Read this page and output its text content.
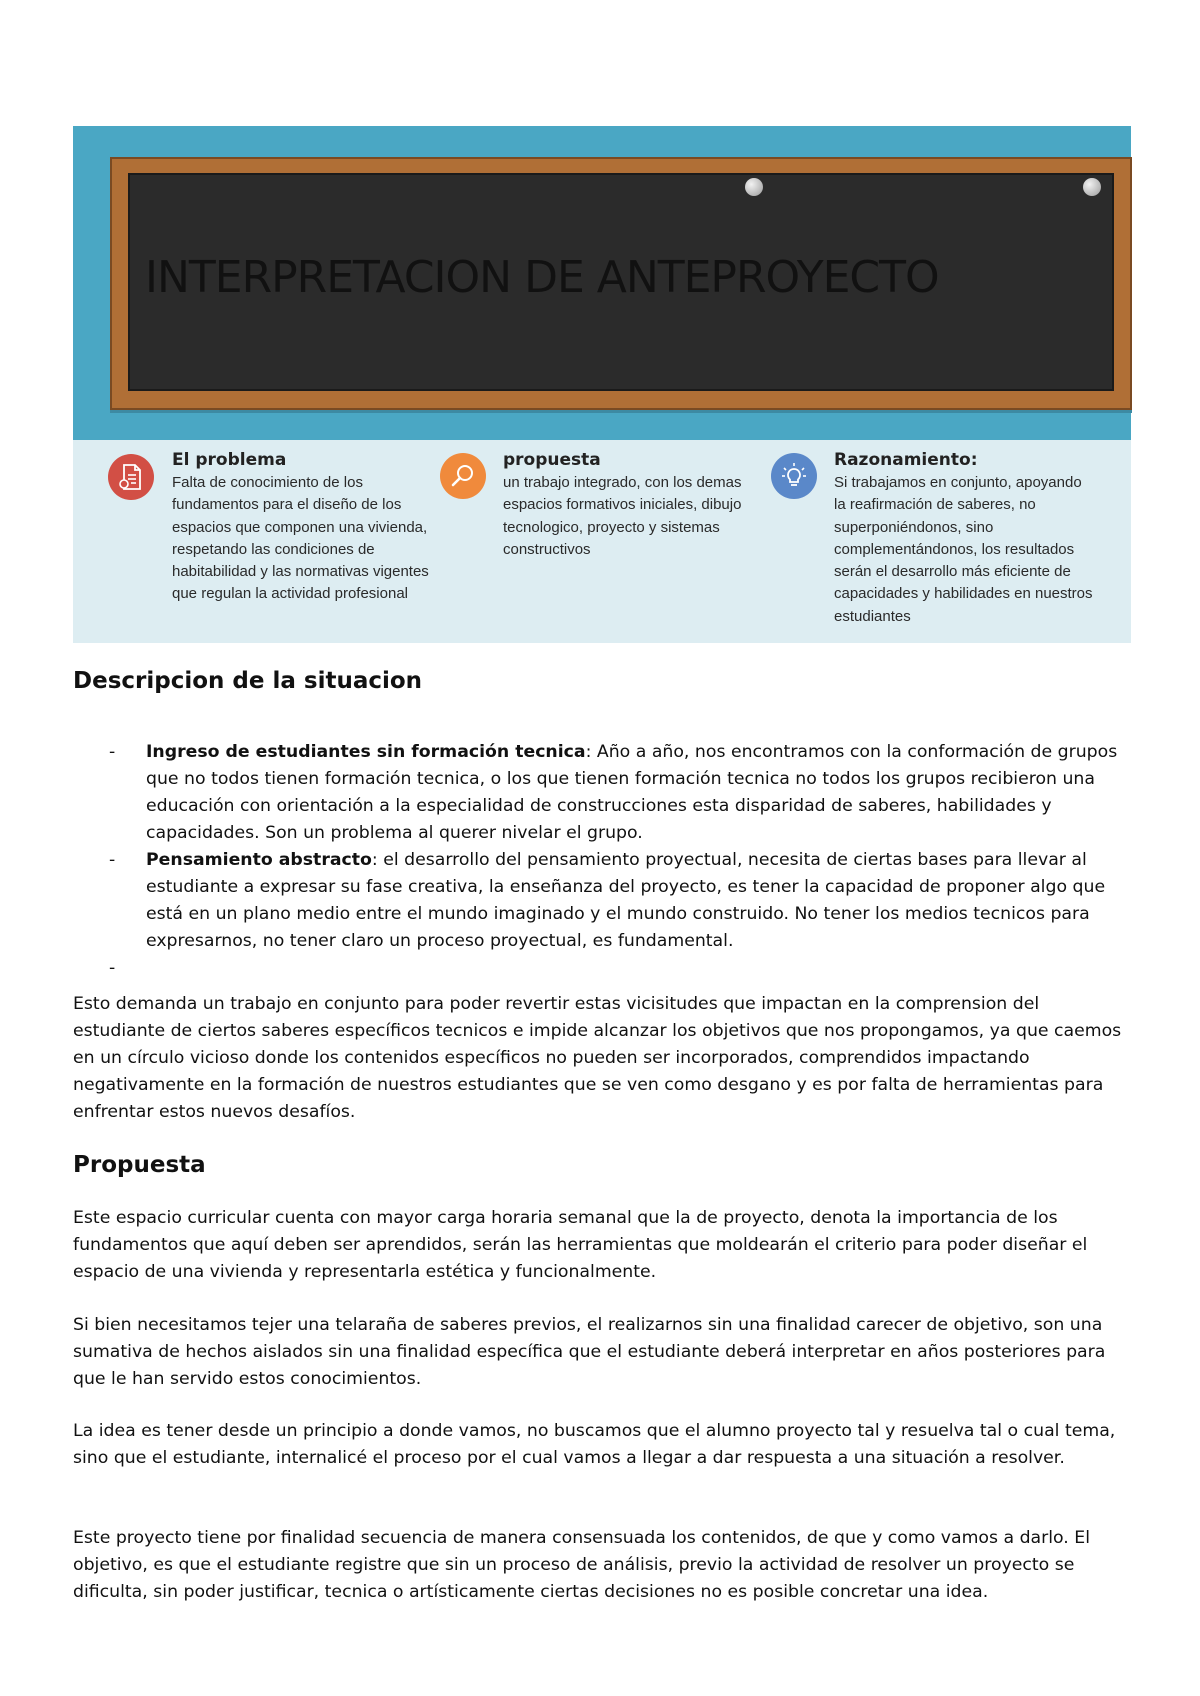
INTERPRETACION DE ANTEPROYECTO
El problema

Falta de conocimiento de los fundamentos para el diseño de los espacios que componen una vivienda, respetando las condiciones de habitabilidad y las normativas vigentes que regulan la actividad profesional

propuesta

un trabajo integrado, con los demas espacios formativos iniciales, dibujo tecnologico, proyecto y sistemas constructivos

Razonamiento:

Si trabajamos en conjunto, apoyando la reafirmación de saberes, no superponiéndonos, sino complementándonos, los resultados serán el desarrollo más eficiente de capacidades y habilidades en nuestros estudiantes

Descripcion de la situacion
- Ingreso de estudiantes sin formación tecnica: Año a año, nos encontramos con la conformación de grupos que no todos tienen formación tecnica, o los que tienen formación tecnica no todos los grupos recibieron una educación con orientación a la especialidad de construcciones esta disparidad de saberes, habilidades y capacidades. Son un problema al querer nivelar el grupo.
- Pensamiento abstracto: el desarrollo del pensamiento proyectual, necesita de ciertas bases para llevar al estudiante a expresar su fase creativa, la enseñanza del proyecto, es tener la capacidad de proponer algo que está en un plano medio entre el mundo imaginado y el mundo construido. No tener los medios tecnicos para expresarnos, no tener claro un proceso proyectual, es fundamental.
-

Esto demanda un trabajo en conjunto para poder revertir estas vicisitudes que impactan en la comprension del estudiante de ciertos saberes específicos tecnicos e impide alcanzar los objetivos que nos propongamos, ya que caemos en un círculo vicioso donde los contenidos específicos no pueden ser incorporados, comprendidos impactando negativamente en la formación de nuestros estudiantes que se ven como desgano y es por falta de herramientas para enfrentar estos nuevos desafíos.

Propuesta

Este espacio curricular cuenta con mayor carga horaria semanal que la de proyecto, denota la importancia de los fundamentos que aquí deben ser aprendidos, serán las herramientas que moldearán el criterio para poder diseñar el espacio de una vivienda y representarla estética y funcionalmente.

Si bien necesitamos tejer una telaraña de saberes previos, el realizarnos sin una finalidad carecer de objetivo, son una sumativa de hechos aislados sin una finalidad específica que el estudiante deberá interpretar en años posteriores para que le han servido estos conocimientos.

La idea es tener desde un principio a donde vamos, no buscamos que el alumno proyecto tal y resuelva tal o cual tema, sino que el estudiante, internalicé el proceso por el cual vamos a llegar a dar respuesta a una situación a resolver.

Este proyecto tiene por finalidad secuencia de manera consensuada los contenidos, de que y como vamos a darlo. El objetivo, es que el estudiante registre que sin un proceso de análisis, previo la actividad de resolver un proyecto se dificulta, sin poder justificar, tecnica o artísticamente ciertas decisiones no es posible concretar una idea.
